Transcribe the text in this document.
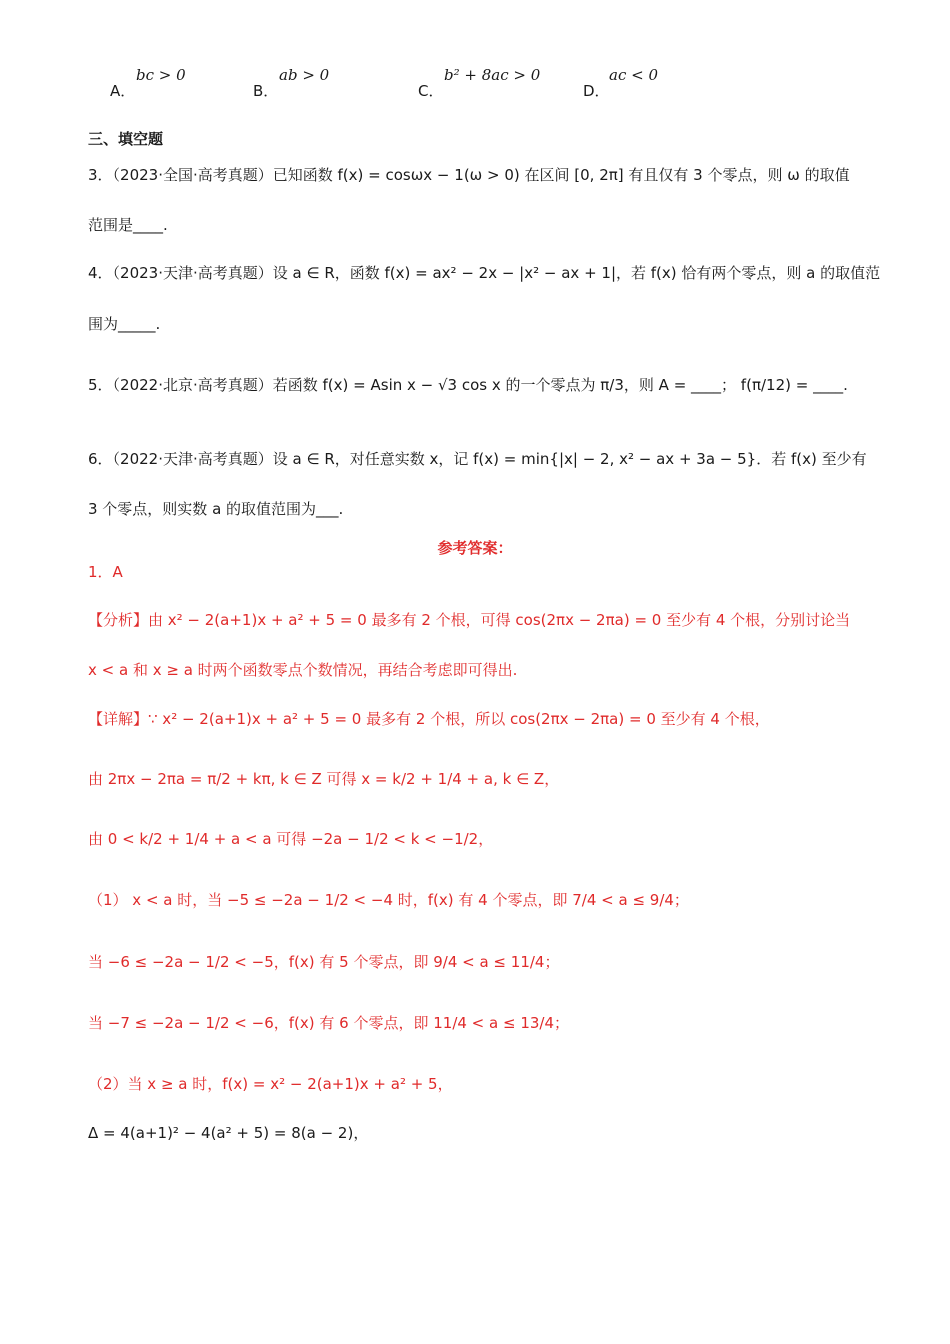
A．
bc > 0
B．
ab > 0
C．
b² + 8ac > 0
D．
ac < 0
三、填空题
3．（2023·全国·高考真题）已知函数 f(x) = cosωx − 1(ω > 0) 在区间 [0, 2π] 有且仅有 3 个零点，则 ω 的取值
范围是____.
4．（2023·天津·高考真题）设 a ∈ R，函数 f(x) = ax² − 2x − |x² − ax + 1|，若 f(x) 恰有两个零点，则 a 的取值范
围为_____.
5．（2022·北京·高考真题）若函数 f(x) = Asin x − √3 cos x 的一个零点为 π/3，则 A = ____； f(π/12) = ____.
6．（2022·天津·高考真题）设 a ∈ R，对任意实数 x，记 f(x) = min{|x| − 2, x² − ax + 3a − 5}．若 f(x) 至少有
3 个零点，则实数 a 的取值范围为___.
参考答案：
1．A
【分析】由 x² − 2(a+1)x + a² + 5 = 0 最多有 2 个根，可得 cos(2πx − 2πa) = 0 至少有 4 个根，分别讨论当
x < a 和 x ≥ a 时两个函数零点个数情况，再结合考虑即可得出.
【详解】∵ x² − 2(a+1)x + a² + 5 = 0 最多有 2 个根，所以 cos(2πx − 2πa) = 0 至少有 4 个根，
由 2πx − 2πa = π/2 + kπ, k ∈ Z 可得 x = k/2 + 1/4 + a, k ∈ Z，
由 0 < k/2 + 1/4 + a < a 可得 −2a − 1/2 < k < −1/2，
（1） x < a 时，当 −5 ≤ −2a − 1/2 < −4 时，f(x) 有 4 个零点，即 7/4 < a ≤ 9/4；
当 −6 ≤ −2a − 1/2 < −5，f(x) 有 5 个零点，即 9/4 < a ≤ 11/4；
当 −7 ≤ −2a − 1/2 < −6，f(x) 有 6 个零点，即 11/4 < a ≤ 13/4；
（2）当 x ≥ a 时，f(x) = x² − 2(a+1)x + a² + 5，
Δ = 4(a+1)² − 4(a² + 5) = 8(a − 2)，
